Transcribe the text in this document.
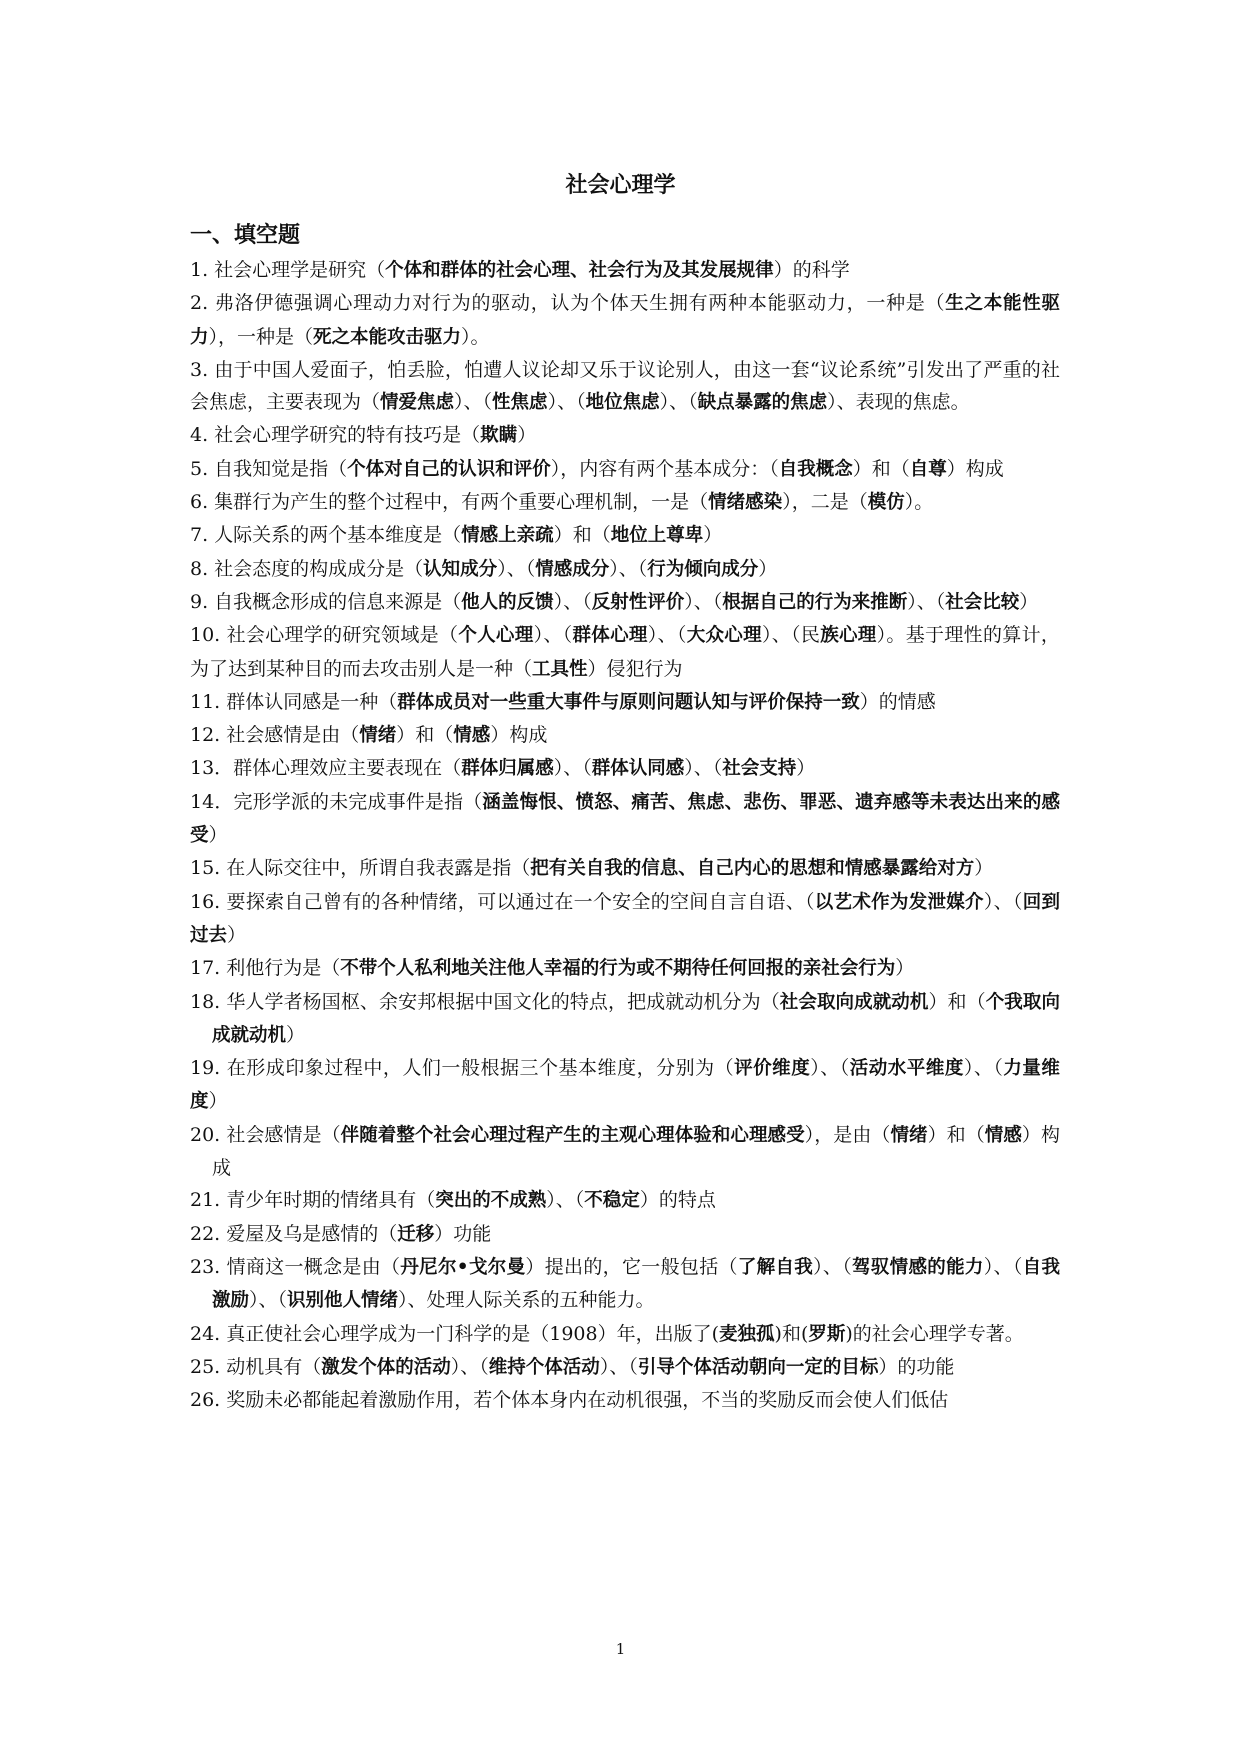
社会心理学
一、填空题

1. 社会心理学是研究（个体和群体的社会心理、社会行为及其发展规律）的科学

2. 弗洛伊德强调心理动力对行为的驱动，认为个体天生拥有两种本能驱动力，一种是（生之本能性驱力），一种是（死之本能攻击驱力）。

3. 由于中国人爱面子，怕丢脸，怕遭人议论却又乐于议论别人，由这一套“议论系统”引发出了严重的社会焦虑，主要表现为（情爱焦虑）、（性焦虑）、（地位焦虑）、（缺点暴露的焦虑）、表现的焦虑。

4. 社会心理学研究的特有技巧是（欺瞒）

5. 自我知觉是指（个体对自己的认识和评价），内容有两个基本成分：（自我概念）和（自尊）构成

6. 集群行为产生的整个过程中，有两个重要心理机制，一是（情绪感染），二是（模仿）。

7. 人际关系的两个基本维度是（情感上亲疏）和（地位上尊卑）

8. 社会态度的构成成分是（认知成分）、（情感成分）、（行为倾向成分）

9. 自我概念形成的信息来源是（他人的反馈）、（反射性评价）、（根据自己的行为来推断）、（社会比较）

10. 社会心理学的研究领域是（个人心理）、（群体心理）、（大众心理）、（民族心理）。基于理性的算计，为了达到某种目的而去攻击别人是一种（工具性）侵犯行为

11. 群体认同感是一种（群体成员对一些重大事件与原则问题认知与评价保持一致）的情感

12. 社会感情是由（情绪）和（情感）构成

13．群体心理效应主要表现在（群体归属感）、（群体认同感）、（社会支持）

14．完形学派的未完成事件是指（涵盖悔恨、愤怒、痛苦、焦虑、悲伤、罪恶、遗弃感等未表达出来的感受）

15. 在人际交往中，所谓自我表露是指（把有关自我的信息、自己内心的思想和情感暴露给对方）

16. 要探索自己曾有的各种情绪，可以通过在一个安全的空间自言自语、（以艺术作为发泄媒介）、（回到过去）

17. 利他行为是（不带个人私利地关注他人幸福的行为或不期待任何回报的亲社会行为）

18. 华人学者杨国枢、余安邦根据中国文化的特点，把成就动机分为（社会取向成就动机）和（个我取向成就动机）

19. 在形成印象过程中，人们一般根据三个基本维度，分别为（评价维度）、（活动水平维度）、（力量维度）

20. 社会感情是（伴随着整个社会心理过程产生的主观心理体验和心理感受），是由（情绪）和（情感）构成

21. 青少年时期的情绪具有（突出的不成熟）、（不稳定）的特点

22. 爱屋及乌是感情的（迁移）功能

23. 情商这一概念是由（丹尼尔•戈尔曼）提出的，它一般包括（了解自我）、（驾驭情感的能力）、（自我激励）、（识别他人情绪）、处理人际关系的五种能力。

24. 真正使社会心理学成为一门科学的是（1908）年，出版了(麦独孤)和(罗斯)的社会心理学专著。

25. 动机具有（激发个体的活动）、（维持个体活动）、（引导个体活动朝向一定的目标）的功能

26. 奖励未必都能起着激励作用，若个体本身内在动机很强，不当的奖励反而会使人们低估

1
